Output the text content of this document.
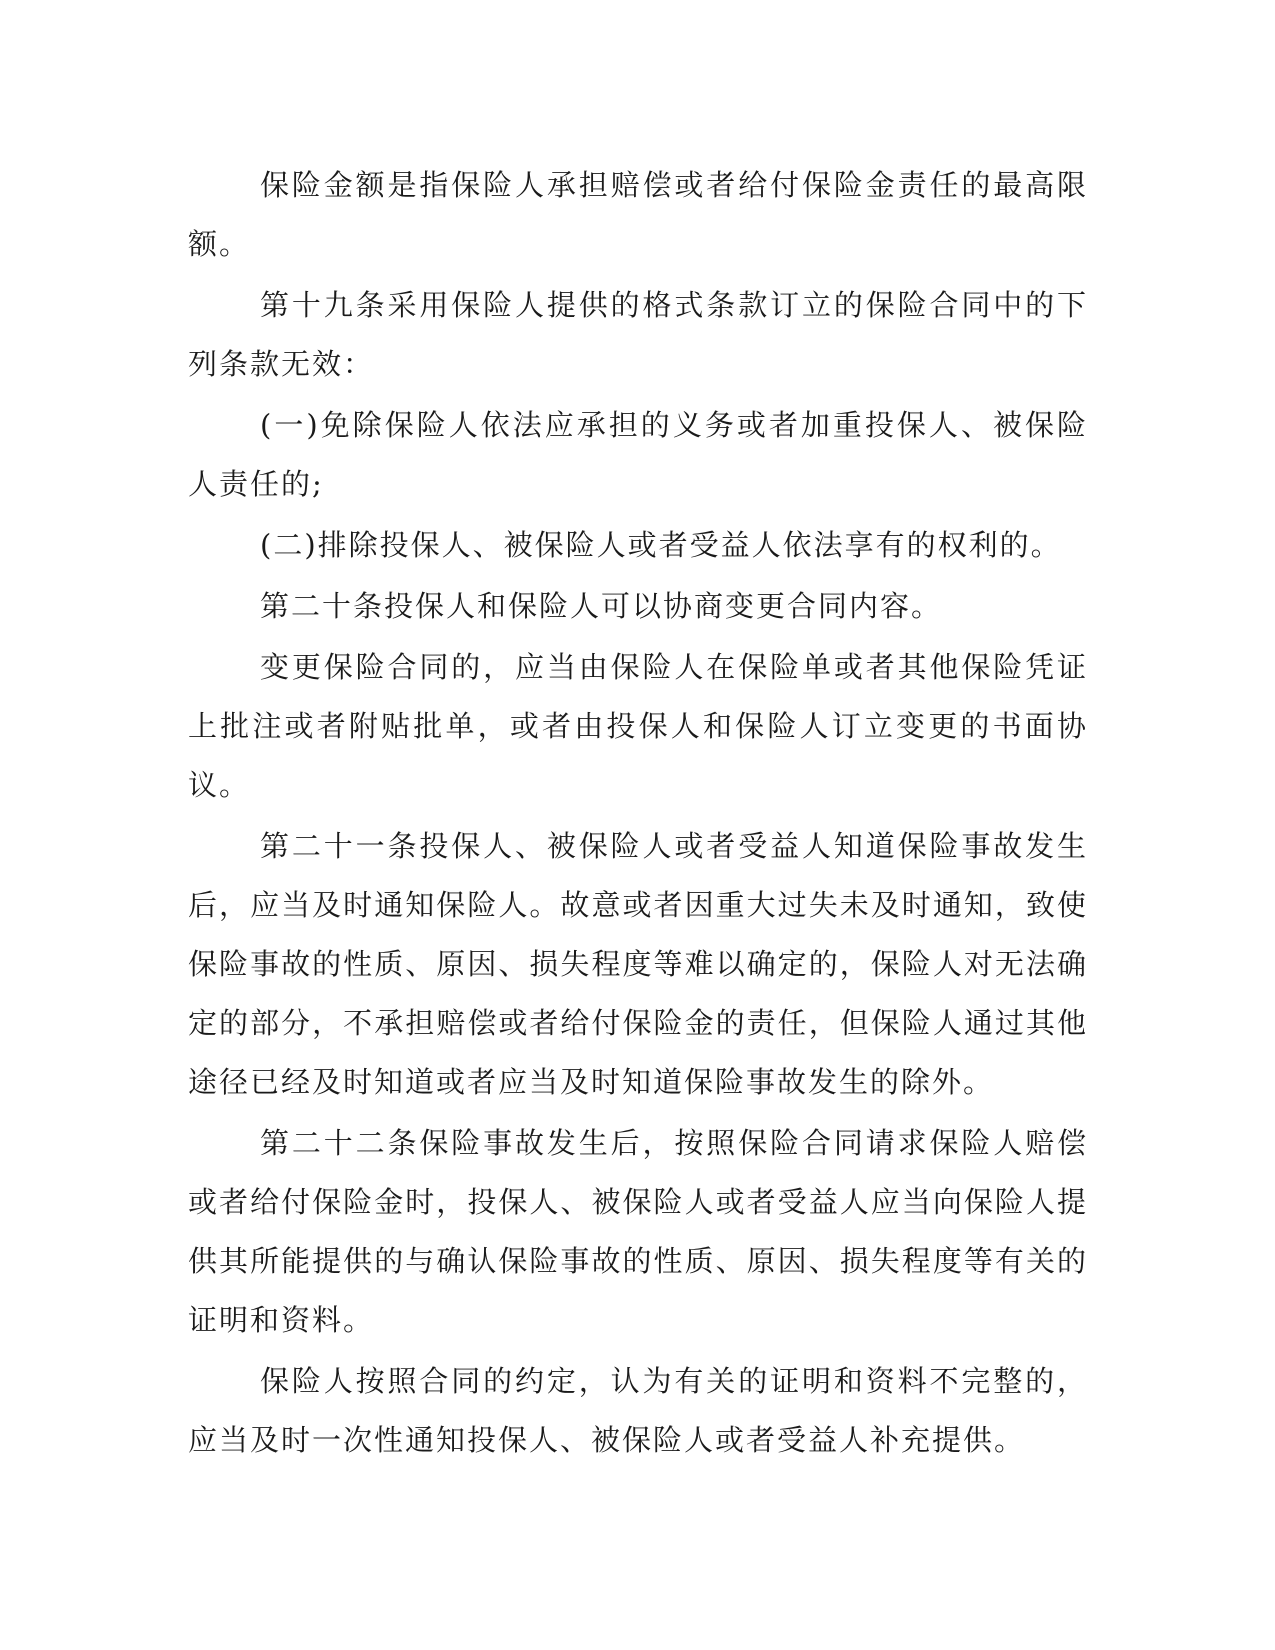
保险金额是指保险人承担赔偿或者给付保险金责任的最高限额。

第十九条采用保险人提供的格式条款订立的保险合同中的下列条款无效：

(一)免除保险人依法应承担的义务或者加重投保人、被保险人责任的;

(二)排除投保人、被保险人或者受益人依法享有的权利的。

第二十条投保人和保险人可以协商变更合同内容。

变更保险合同的，应当由保险人在保险单或者其他保险凭证上批注或者附贴批单，或者由投保人和保险人订立变更的书面协议。

第二十一条投保人、被保险人或者受益人知道保险事故发生后，应当及时通知保险人。故意或者因重大过失未及时通知，致使保险事故的性质、原因、损失程度等难以确定的，保险人对无法确定的部分，不承担赔偿或者给付保险金的责任，但保险人通过其他途径已经及时知道或者应当及时知道保险事故发生的除外。

第二十二条保险事故发生后，按照保险合同请求保险人赔偿或者给付保险金时，投保人、被保险人或者受益人应当向保险人提供其所能提供的与确认保险事故的性质、原因、损失程度等有关的证明和资料。

保险人按照合同的约定，认为有关的证明和资料不完整的，应当及时一次性通知投保人、被保险人或者受益人补充提供。
